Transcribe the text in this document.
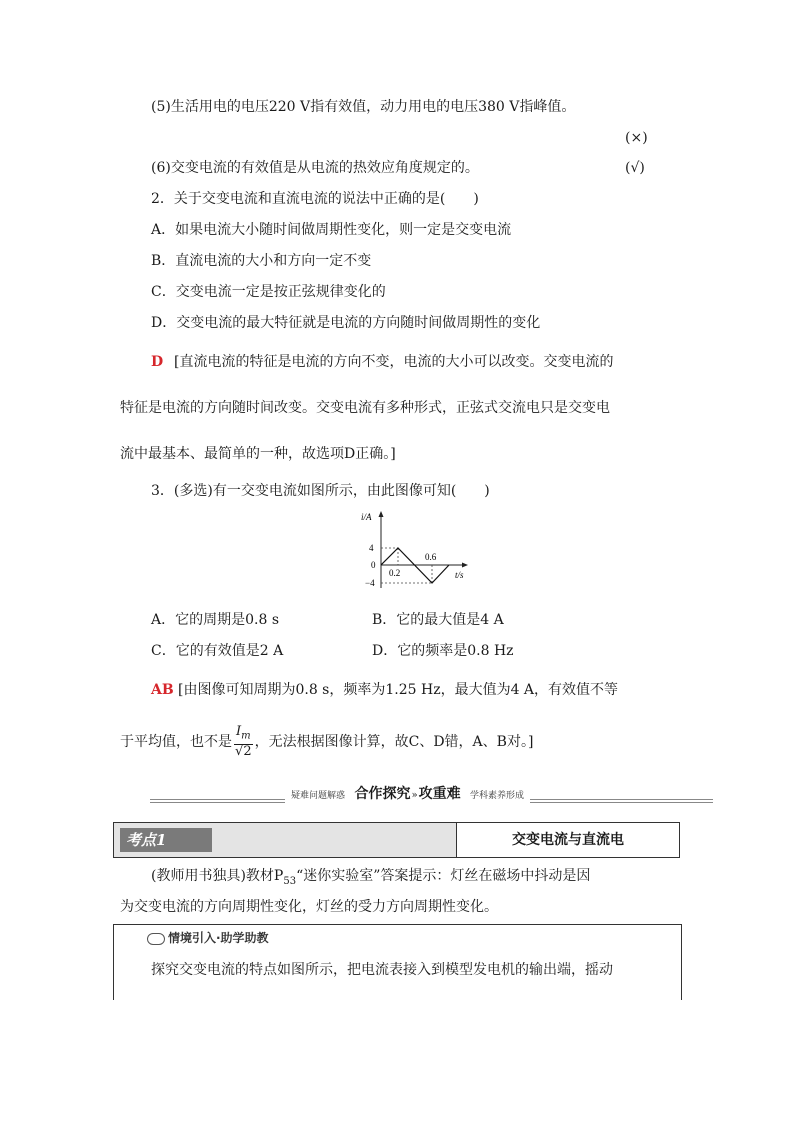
(5)生活用电的电压220 V指有效值，动力用电的电压380 V指峰值。
(×)
(6)交变电流的有效值是从电流的热效应角度规定的。	(√)
2．关于交变电流和直流电流的说法中正确的是(　　)
A．如果电流大小随时间做周期性变化，则一定是交变电流
B．直流电流的大小和方向一定不变
C．交变电流一定是按正弦规律变化的
D．交变电流的最大特征就是电流的方向随时间做周期性的变化
D [直流电流的特征是电流的方向不变，电流的大小可以改变。交变电流的
特征是电流的方向随时间改变。交变电流有多种形式，正弦式交流电只是交变电
流中最基本、最简单的一种，故选项D正确。]
3．(多选)有一交变电流如图所示，由此图像可知(　　)
i/A
4
0
−4
0.2
0.6
t/s
A．它的周期是0.8 s	B．它的最大值是4 A
C．它的有效值是2 A	D．它的频率是0.8 Hz
AB [由图像可知周期为0.8 s，频率为1.25 Hz，最大值为4 A，有效值不等
于平均值，也不是 $\frac{I_m}{√2}$ ，无法根据图像计算，故C、D错，A、B对。]
疑难问题解惑 合作探究»攻重难 学科素养形成
考点1	交变电流与直流电
(教师用书独具)教材$P_{53}“$迷你实验室”答案提示：灯丝在磁场中抖动是因
为交变电流的方向周期性变化，灯丝的受力方向周期性变化。
情境引入·助学助教
探究交变电流的特点如图所示，把电流表接入到模型发电机的输出端，摇动
